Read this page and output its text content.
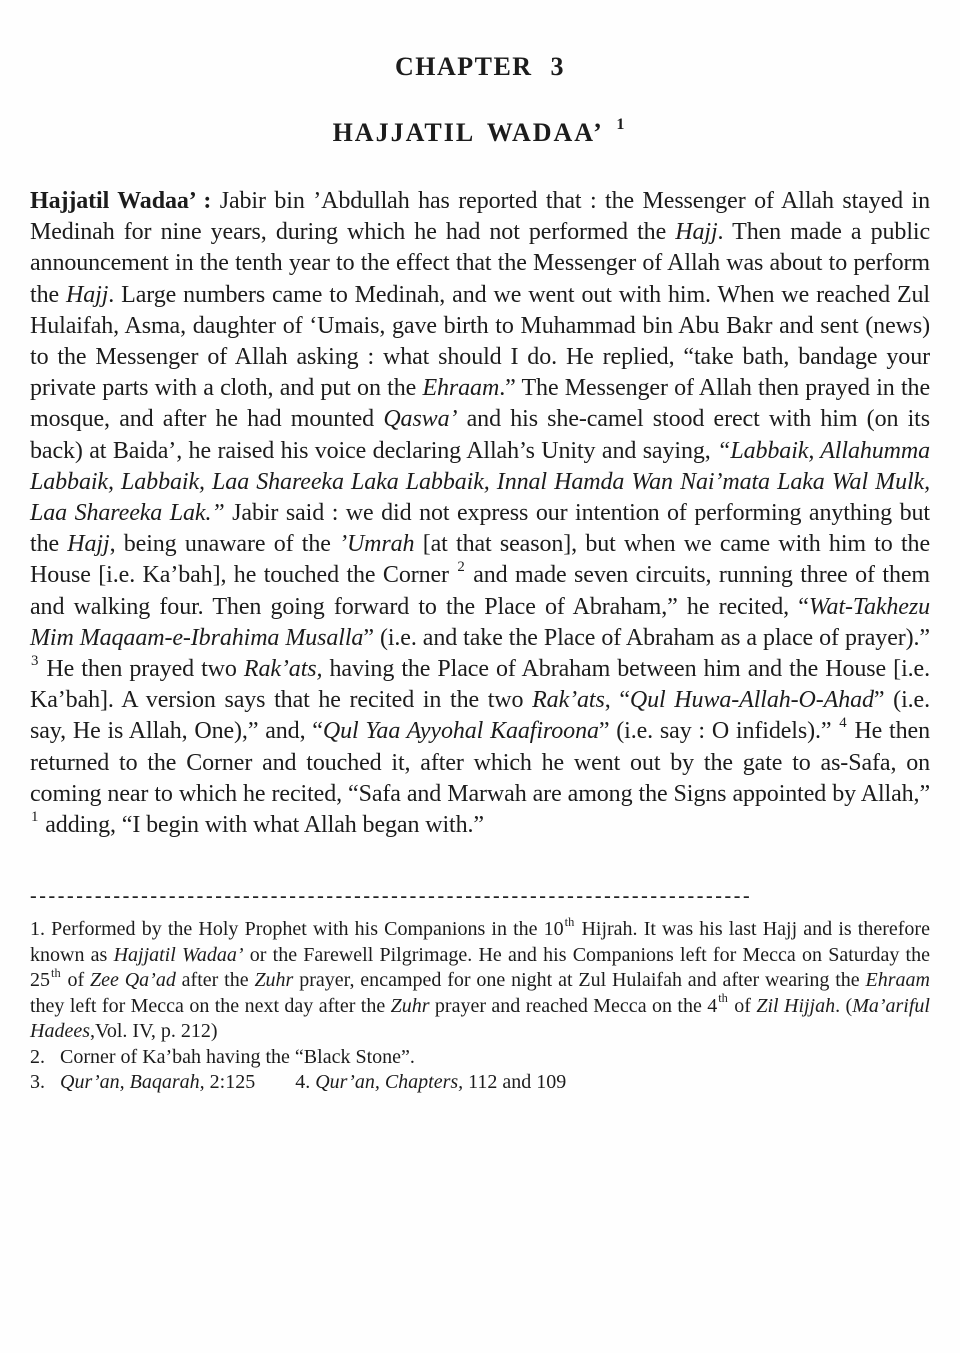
CHAPTER 3
HAJJATIL WADAA’ $^1$

Hajjatil Wadaa’ : Jabir bin ’Abdullah has reported that : the Messenger of Allah stayed in Medinah for nine years, during which he had not performed the Hajj. Then made a public announcement in the tenth year to the effect that the Messenger of Allah was about to perform the Hajj. Large numbers came to Medinah, and we went out with him. When we reached Zul Hulaifah, Asma, daughter of ‘Umais, gave birth to Muhammad bin Abu Bakr and sent (news) to the Messenger of Allah asking : what should I do. He replied, “take bath, bandage your private parts with a cloth, and put on the Ehraam.” The Messenger of Allah then prayed in the mosque, and after he had mounted Qaswa’ and his she-camel stood erect with him (on its back) at Baida’, he raised his voice declaring Allah’s Unity and saying, “Labbaik, Allahumma Labbaik, Labbaik, Laa Shareeka Laka Labbaik, Innal Hamda Wan Nai’mata Laka Wal Mulk, Laa Shareeka Lak.” Jabir said : we did not express our intention of performing anything but the Hajj, being unaware of the ’Umrah [at that season], but when we came with him to the House [i.e. Ka’bah], he touched the Corner $^2$ and made seven circuits, running three of them and walking four. Then going forward to the Place of Abraham,” he recited, “Wat-Takhezu Mim Maqaam-e-Ibrahima Musalla” (i.e. and take the Place of Abraham as a place of prayer).” $^3$ He then prayed two Rak’ats, having the Place of Abraham between him and the House [i.e. Ka’bah]. A version says that he recited in the two Rak’ats, “Qul Huwa-Allah-O-Ahad” (i.e. say, He is Allah, One),” and, “Qul Yaa Ayyohal Kaafiroona” (i.e. say : O infidels).” $^4$ He then returned to the Corner and touched it, after which he went out by the gate to as-Safa, on coming near to which he recited, “Safa and Marwah are among the Signs appointed by Allah,” $^1$ adding, “I begin with what Allah began with.”

------------------------------------------------------------------------------

1. Performed by the Holy Prophet with his Companions in the 10th Hijrah. It was his last Hajj and is therefore known as Hajjatil Wadaa’ or the Farewell Pilgrimage. He and his Companions left for Mecca on Saturday the 25th of Zee Qa’ad after the Zuhr prayer, encamped for one night at Zul Hulaifah and after wearing the Ehraam they left for Mecca on the next day after the Zuhr prayer and reached Mecca on the 4th of Zil Hijjah. (Ma’ariful Hadees,Vol. IV, p. 212)

2.   Corner of Ka’bah having the “Black Stone”.

3.   Qur’an, Baqarah, 2:125        4. Qur’an, Chapters, 112 and 109
